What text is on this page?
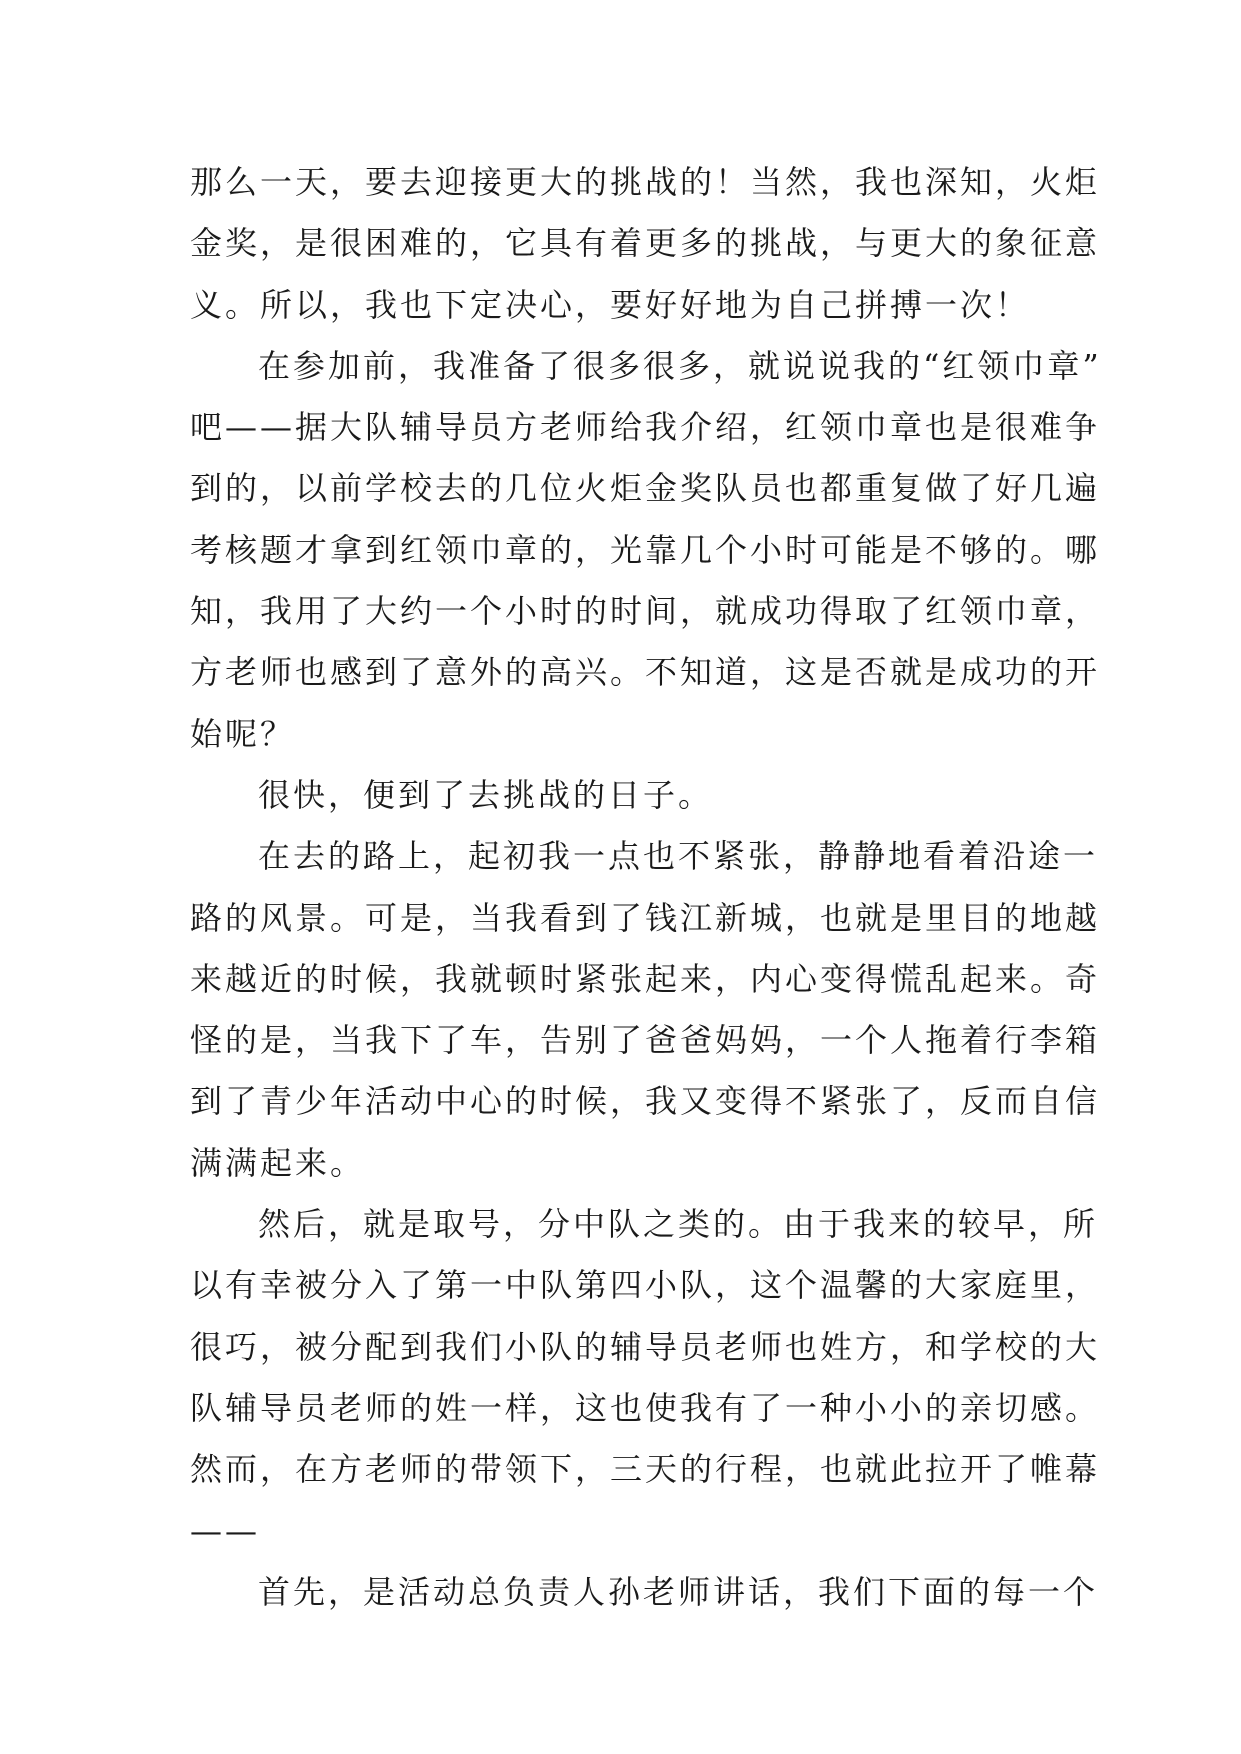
那么一天，要去迎接更大的挑战的！当然，我也深知，火炬
金奖，是很困难的，它具有着更多的挑战，与更大的象征意
义。所以，我也下定决心，要好好地为自己拼搏一次！
在参加前，我准备了很多很多，就说说我的“红领巾章”
吧——据大队辅导员方老师给我介绍，红领巾章也是很难争
到的，以前学校去的几位火炬金奖队员也都重复做了好几遍
考核题才拿到红领巾章的，光靠几个小时可能是不够的。哪
知，我用了大约一个小时的时间，就成功得取了红领巾章，
方老师也感到了意外的高兴。不知道，这是否就是成功的开
始呢？
很快，便到了去挑战的日子。
在去的路上，起初我一点也不紧张，静静地看着沿途一
路的风景。可是，当我看到了钱江新城，也就是里目的地越
来越近的时候，我就顿时紧张起来，内心变得慌乱起来。奇
怪的是，当我下了车，告别了爸爸妈妈，一个人拖着行李箱
到了青少年活动中心的时候，我又变得不紧张了，反而自信
满满起来。
然后，就是取号，分中队之类的。由于我来的较早，所
以有幸被分入了第一中队第四小队，这个温馨的大家庭里，
很巧，被分配到我们小队的辅导员老师也姓方，和学校的大
队辅导员老师的姓一样，这也使我有了一种小小的亲切感。
然而，在方老师的带领下，三天的行程，也就此拉开了帷幕
——
首先，是活动总负责人孙老师讲话，我们下面的每一个
